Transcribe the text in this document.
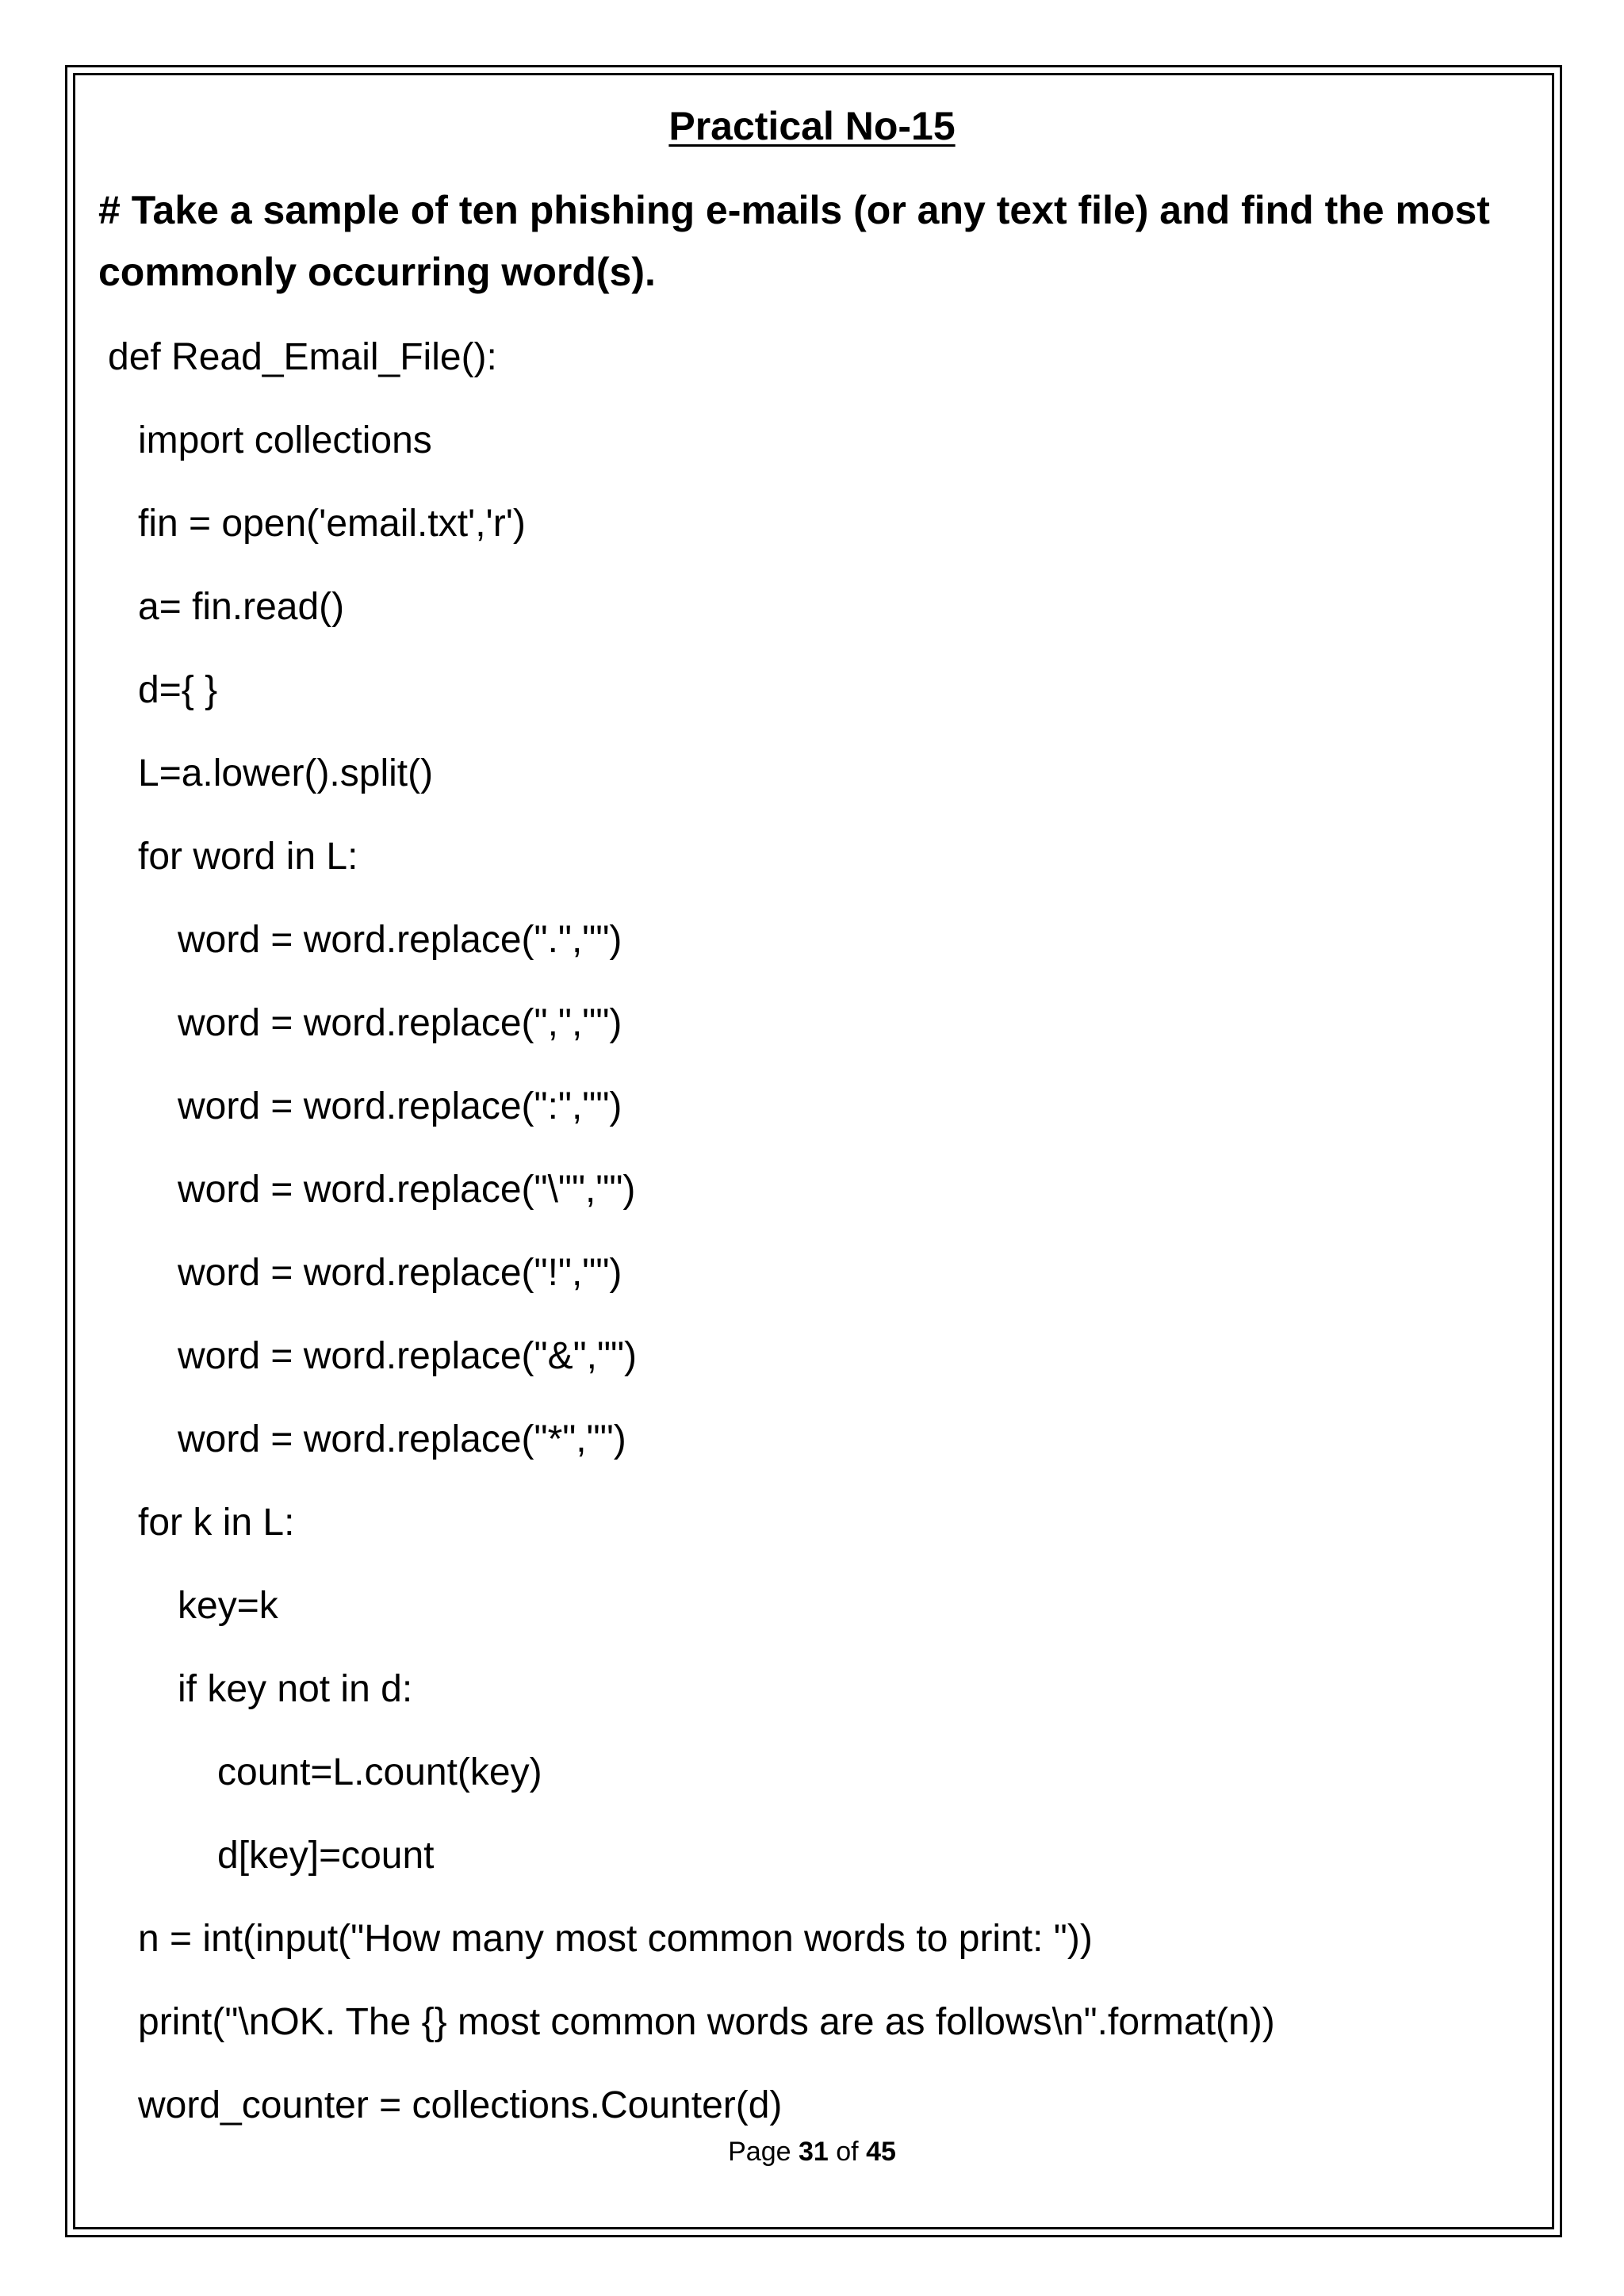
Practical No-15
# Take a sample of ten phishing e-mails (or any text file) and find the most commonly occurring word(s).
def Read_Email_File():
import collections
fin = open('email.txt','r')
a= fin.read()
d={ }
L=a.lower().split()
for word in L:
word = word.replace(".","")
word = word.replace(",","")
word = word.replace(":","")
word = word.replace("\"","")
word = word.replace("!","")
word = word.replace("&","")
word = word.replace("*","")
for k in L:
key=k
if key not in d:
count=L.count(key)
d[key]=count
n = int(input("How many most common words to print: "))
print("\nOK. The {} most common words are as follows\n".format(n))
word_counter = collections.Counter(d)
Page 31 of 45
